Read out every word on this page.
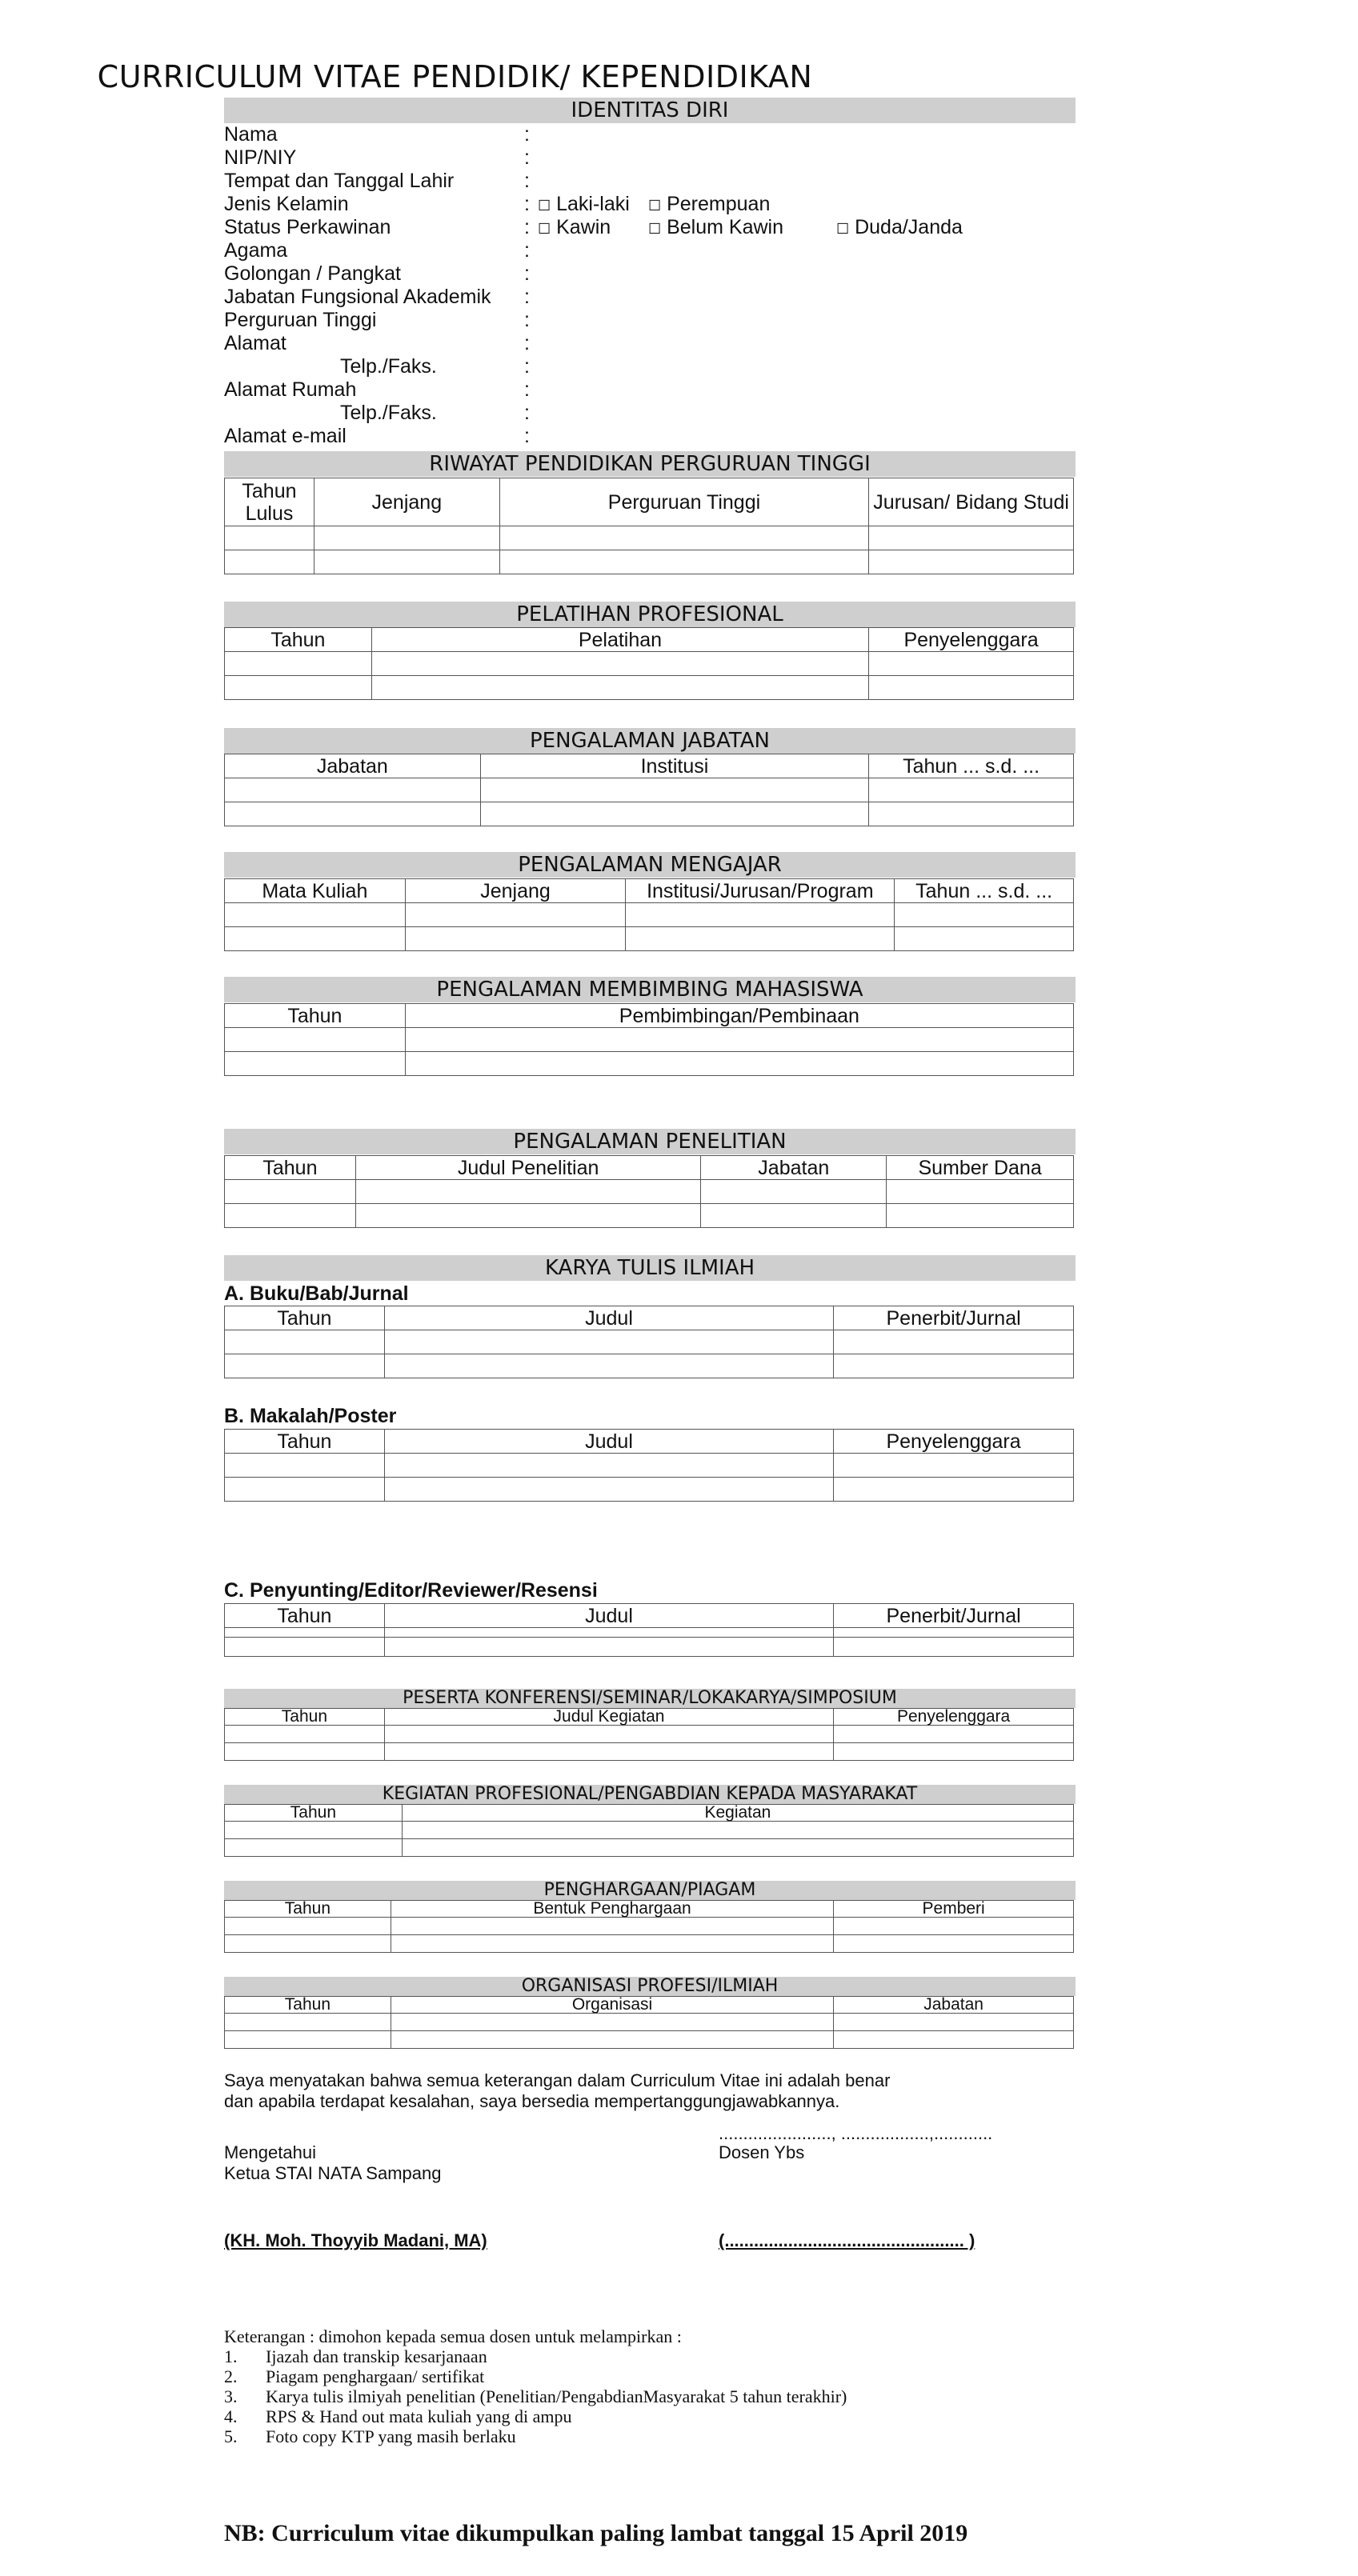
CURRICULUM VITAE PENDIDIK/ KEPENDIDIKAN
IDENTITAS DIRI
Nama	:
NIP/NIY	:
Tempat dan Tanggal Lahir	:
Jenis Kelamin	: ☐ Laki-laki ☐ Perempuan
Status Perkawinan	: ☐ Kawin	☐ Belum Kawin	☐ Duda/Janda
Agama	:
Golongan / Pangkat	:
Jabatan Fungsional Akademik :
Perguruan Tinggi	:
Alamat	:
Telp./Faks.	:
Alamat Rumah	:
Telp./Faks.	:
Alamat e-mail	:
RIWAYAT PENDIDIKAN PERGURUAN TINGGI
Tahun Lulus	Jenjang	Perguruan Tinggi	Jurusan/ Bidang Studi

PELATIHAN PROFESIONAL
Tahun	Pelatihan	Penyelenggara

PENGALAMAN JABATAN
Jabatan	Institusi	Tahun ... s.d. ...

PENGALAMAN MENGAJAR
Mata Kuliah	Jenjang	Institusi/Jurusan/Program	Tahun ... s.d. ...

PENGALAMAN MEMBIMBING MAHASISWA
Tahun	Pembimbingan/Pembinaan

PENGALAMAN PENELITIAN
Tahun	Judul Penelitian	Jabatan	Sumber Dana

KARYA TULIS ILMIAH
A. Buku/Bab/Jurnal
Tahun	Judul	Penerbit/Jurnal

B. Makalah/Poster
Tahun	Judul	Penyelenggara

C. Penyunting/Editor/Reviewer/Resensi
Tahun	Judul	Penerbit/Jurnal

PESERTA KONFERENSI/SEMINAR/LOKAKARYA/SIMPOSIUM
Tahun	Judul Kegiatan	Penyelenggara

KEGIATAN PROFESIONAL/PENGABDIAN KEPADA MASYARAKAT
Tahun	Kegiatan

PENGHARGAAN/PIAGAM
Tahun	Bentuk Penghargaan	Pemberi

ORGANISASI PROFESI/ILMIAH
Tahun	Organisasi	Jabatan

Saya menyatakan bahwa semua keterangan dalam Curriculum Vitae ini adalah benar
dan apabila terdapat kesalahan, saya bersedia mempertanggungjawabkannya.
......................., ..................,............
Mengetahui
Ketua STAI NATA Sampang
Dosen Ybs
(KH. Moh. Thoyyib Madani, MA)	(................................................. )
Keterangan : dimohon kepada semua dosen untuk melampirkan :
1. Ijazah dan transkip kesarjanaan
2. Piagam penghargaan/ sertifikat
3. Karya tulis ilmiyah penelitian (Penelitian/PengabdianMasyarakat 5 tahun terakhir)
4. RPS & Hand out mata kuliah yang di ampu
5. Foto copy KTP yang masih berlaku
NB: Curriculum vitae dikumpulkan paling lambat tanggal 15 April 2019
